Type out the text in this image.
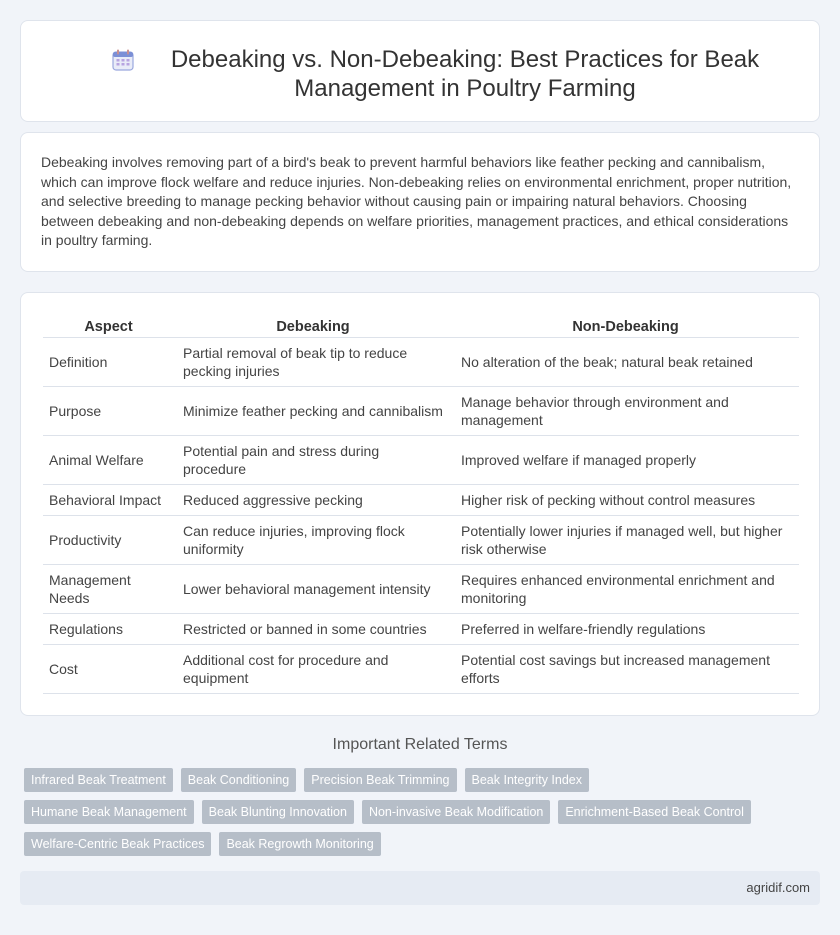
Debeaking vs. Non-Debeaking: Best Practices for Beak Management in Poultry Farming

Debeaking involves removing part of a bird's beak to prevent harmful behaviors like feather pecking and cannibalism, which can improve flock welfare and reduce injuries. Non-debeaking relies on environmental enrichment, proper nutrition, and selective breeding to manage pecking behavior without causing pain or impairing natural behaviors. Choosing between debeaking and non-debeaking depends on welfare priorities, management practices, and ethical considerations in poultry farming.

Aspect	Debeaking	Non-Debeaking
Definition	Partial removal of beak tip to reduce pecking injuries	No alteration of the beak; natural beak retained
Purpose	Minimize feather pecking and cannibalism	Manage behavior through environment and management
Animal Welfare	Potential pain and stress during procedure	Improved welfare if managed properly
Behavioral Impact	Reduced aggressive pecking	Higher risk of pecking without control measures
Productivity	Can reduce injuries, improving flock uniformity	Potentially lower injuries if managed well, but higher risk otherwise
Management Needs	Lower behavioral management intensity	Requires enhanced environmental enrichment and monitoring
Regulations	Restricted or banned in some countries	Preferred in welfare-friendly regulations
Cost	Additional cost for procedure and equipment	Potential cost savings but increased management efforts
Important Related Terms
Infrared Beak Treatment	Beak Conditioning	Precision Beak Trimming	Beak Integrity Index
Humane Beak Management	Beak Blunting Innovation	Non-invasive Beak Modification	Enrichment-Based Beak Control
Welfare-Centric Beak Practices	Beak Regrowth Monitoring
agridif.com
